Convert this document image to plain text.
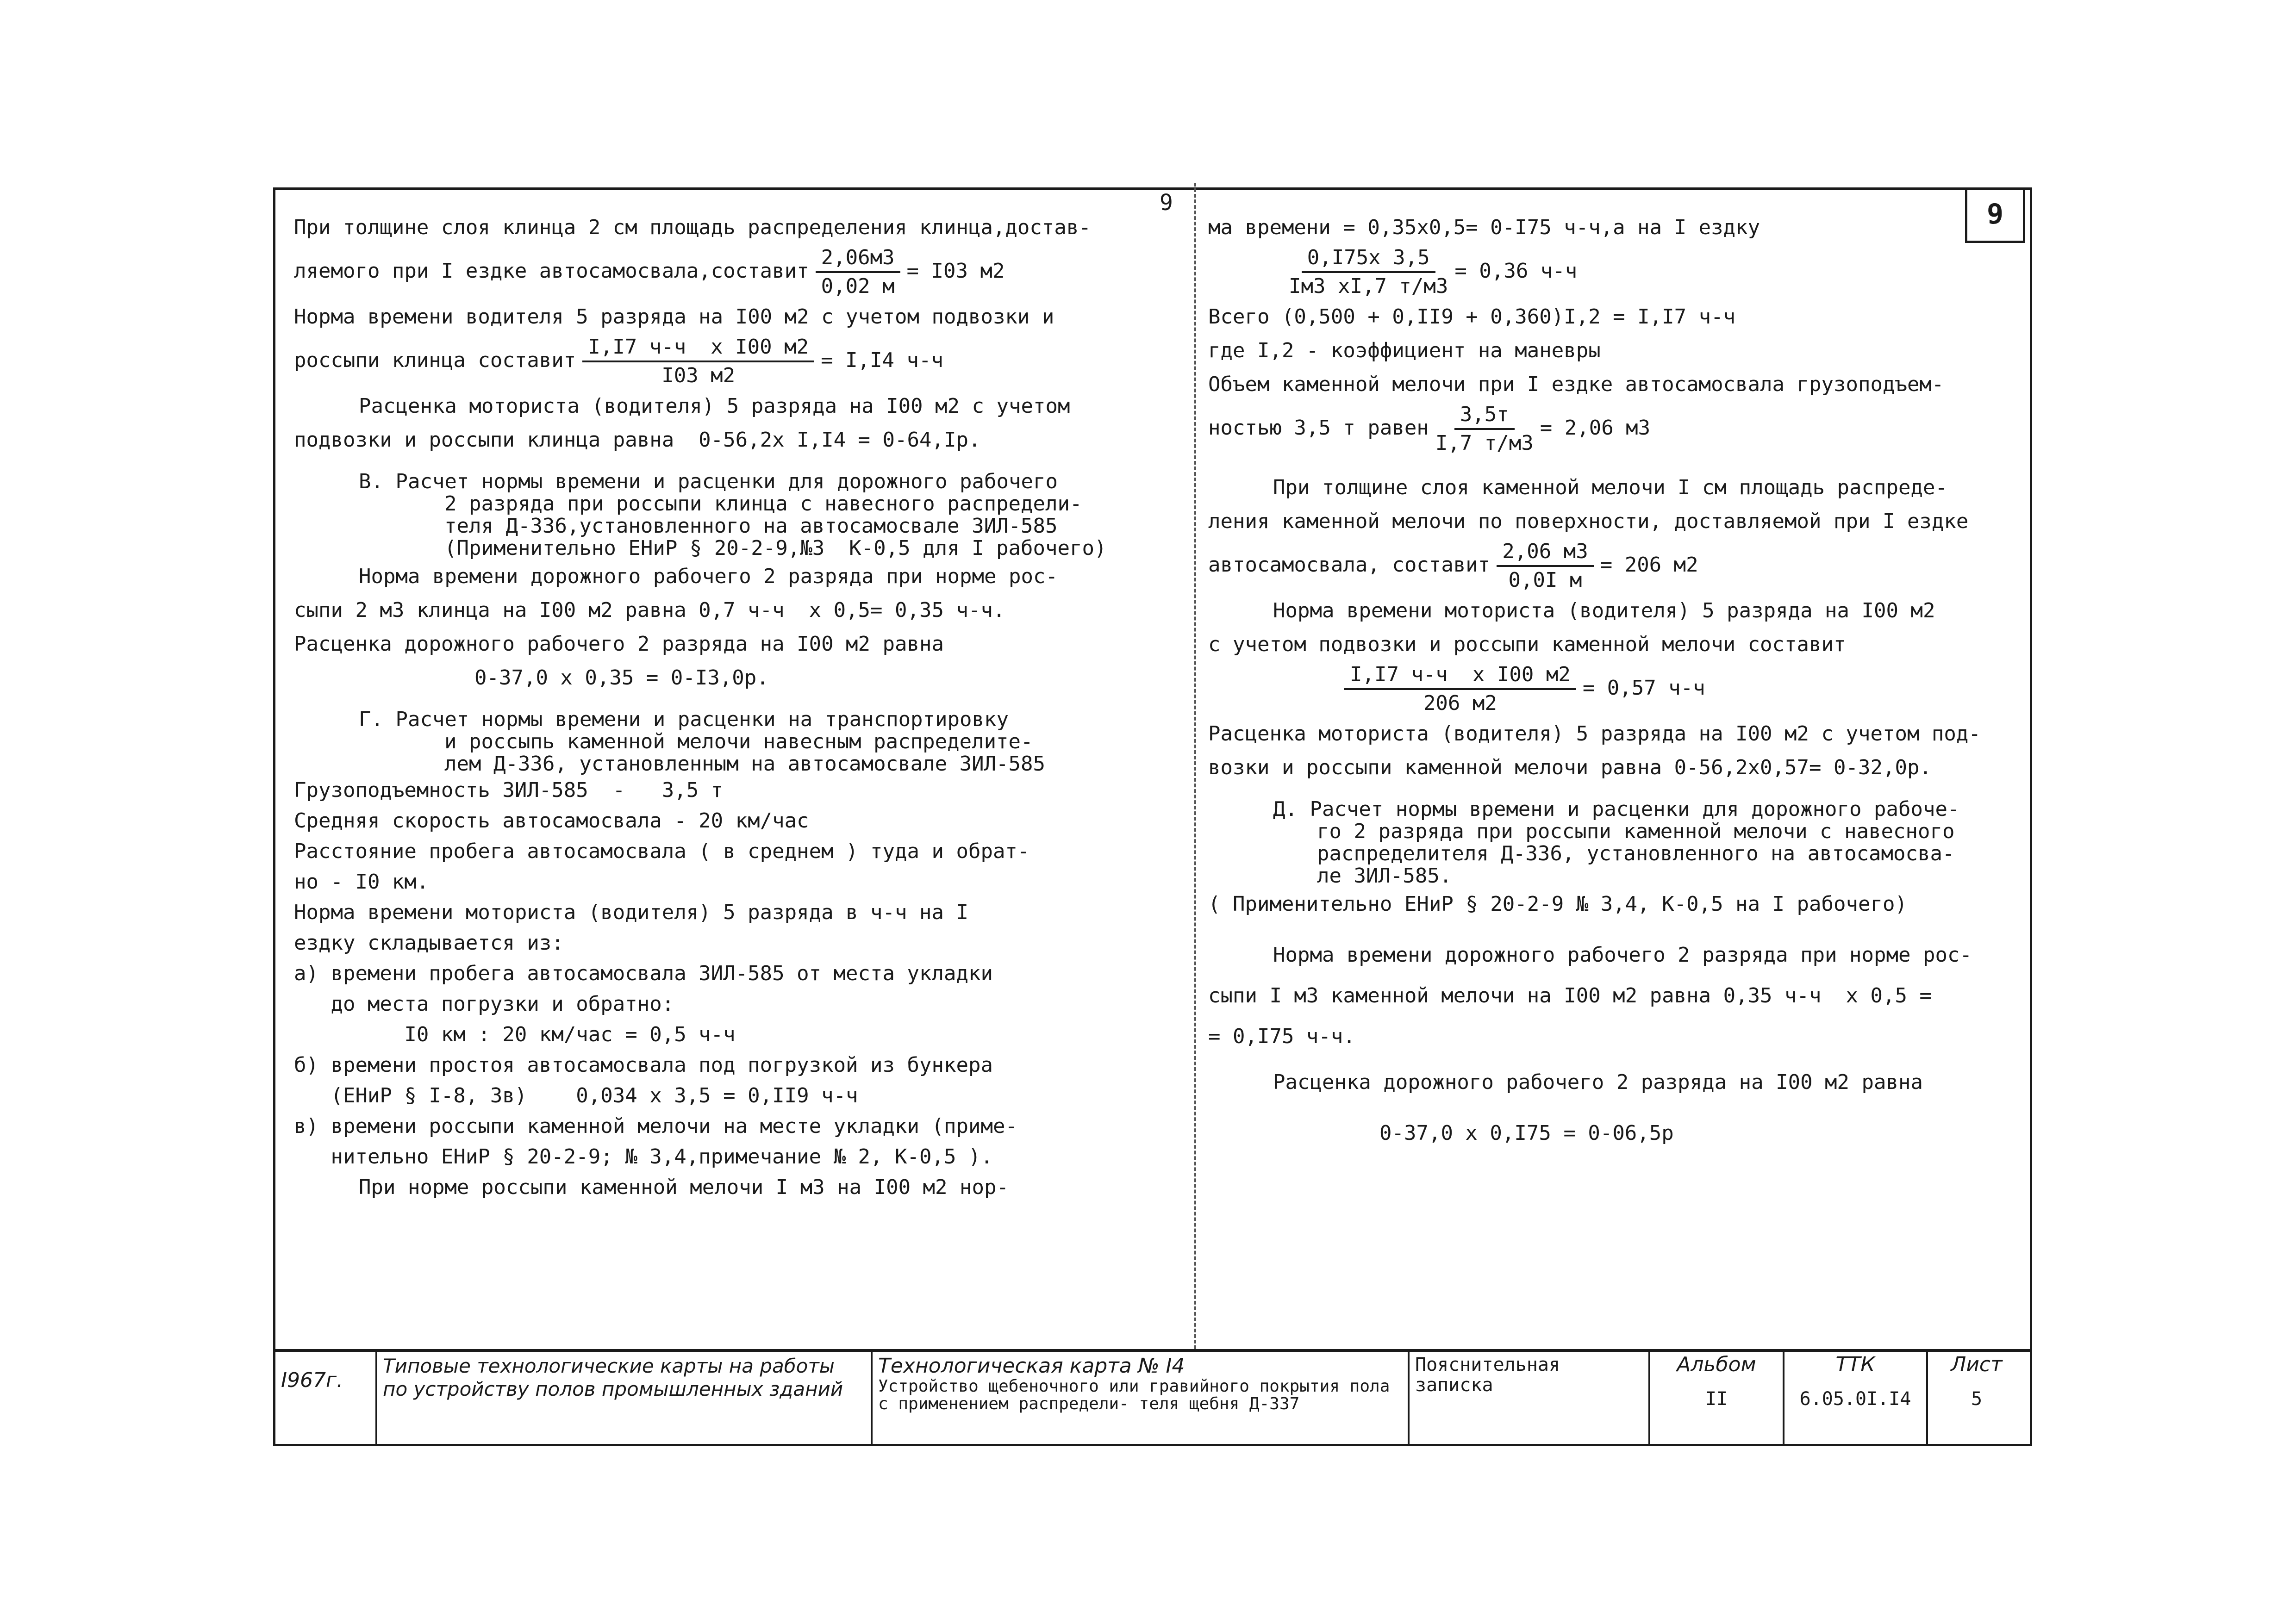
9
9

При толщине слоя клинца 2 см площадь распределения клинца,достав-

ляемого при I ездке автосамосвала,составит $\frac{2,06м3}{0,02 м} = I03$ м2

Норма времени водителя 5 разряда на I00 м2 с учетом подвозки и

россыпи клинца составит $\frac{\text{I,I7 ч-ч  х I00 м2}}{I03 м2} = I,I4$ ч-ч

Расценка моториста (водителя) 5 разряда на I00 м2 с учетом

подвозки и россыпи клинца равна  0-56,2х I,I4 = 0-64,Iр.

В. Расчет нормы времени и расценки для дорожного рабочего

2 разряда при россыпи клинца с навесного распредели-

теля Д-336,установленного на автосамосвале ЗИЛ-585

(Применительно ЕНиР § 20-2-9,№3  К-0,5 для I рабочего)

Норма времени дорожного рабочего 2 разряда при норме рос-

сыпи 2 м3 клинца на I00 м2 равна 0,7 ч-ч  х 0,5= 0,35 ч-ч.

Расценка дорожного рабочего 2 разряда на I00 м2 равна

0-37,0 х 0,35 = 0-I3,0р.

Г. Расчет нормы времени и расценки на транспортировку

и россыпь каменной мелочи навесным распределите-

лем Д-336, установленным на автосамосвале ЗИЛ-585

Грузоподъемность ЗИЛ-585  -   3,5 т

Средняя скорость автосамосвала - 20 км/час

Расстояние пробега автосамосвала ( в среднем ) туда и обрат-

но - I0 км.

Норма времени моториста (водителя) 5 разряда в ч-ч на I

ездку складывается из:

а) времени пробега автосамосвала ЗИЛ-585 от места укладки

до места погрузки и обратно:

I0 км : 20 км/час = 0,5 ч-ч

б) времени простоя автосамосвала под погрузкой из бункера

(ЕНиР § I-8, 3в)    0,034 х 3,5 = 0,II9 ч-ч

в) времени россыпи каменной мелочи на месте укладки (приме-

нительно ЕНиР § 20-2-9; № 3,4,примечание № 2, К-0,5 ).

При норме россыпи каменной мелочи I м3 на I00 м2 нор-

ма времени = 0,35х0,5= 0-I75 ч-ч,а на I ездку

$\frac{0,I75х 3,5}{Iм3 хI,7 т/м3} = 0,36$ ч-ч

Всего (0,500 + 0,II9 + 0,360)I,2 = I,I7 ч-ч

где I,2 - коэффициент на маневры

Объем каменной мелочи при I ездке автосамосвала грузоподъем-

ностью 3,5 т равен $\frac{3,5т}{I,7 т/м3} = 2,06$ м3

При толщине слоя каменной мелочи I см площадь распреде-

ления каменной мелочи по поверхности, доставляемой при I ездке

автосамосвала, составит $\frac{2,06 м3}{\text{0,0I м}} = 206$ м2

Норма времени моториста (водителя) 5 разряда на I00 м2

с учетом подвозки и россыпи каменной мелочи составит

$\frac{\text{I,I7 ч-ч  х I00 м2}}{206 м2} = 0,57$ ч-ч

Расценка моториста (водителя) 5 разряда на I00 м2 с учетом под-

возки и россыпи каменной мелочи равна 0-56,2х0,57= 0-32,0р.

Д. Расчет нормы времени и расценки для дорожного рабоче-

го 2 разряда при россыпи каменной мелочи с навесного

распределителя Д-336, установленного на автосамосва-

ле ЗИЛ-585.

( Применительно ЕНиР § 20-2-9 № 3,4, К-0,5 на I рабочего)

Норма времени дорожного рабочего 2 разряда при норме рос-

сыпи I м3 каменной мелочи на I00 м2 равна 0,35 ч-ч  х 0,5 =

= 0,I75 ч-ч.

Расценка дорожного рабочего 2 разряда на I00 м2 равна

0-37,0 х 0,I75 = 0-06,5р

I967г.
Типовые технологические карты на работы по устройству полов промышленных зданий
Технологическая карта № I4
Устройство щебеночного или гравийного покрытия пола с применением распредели- теля щебня Д-337
Пояснительная записка
Альбом
II
ТТК
6.05.0I.I4
Лист
5
